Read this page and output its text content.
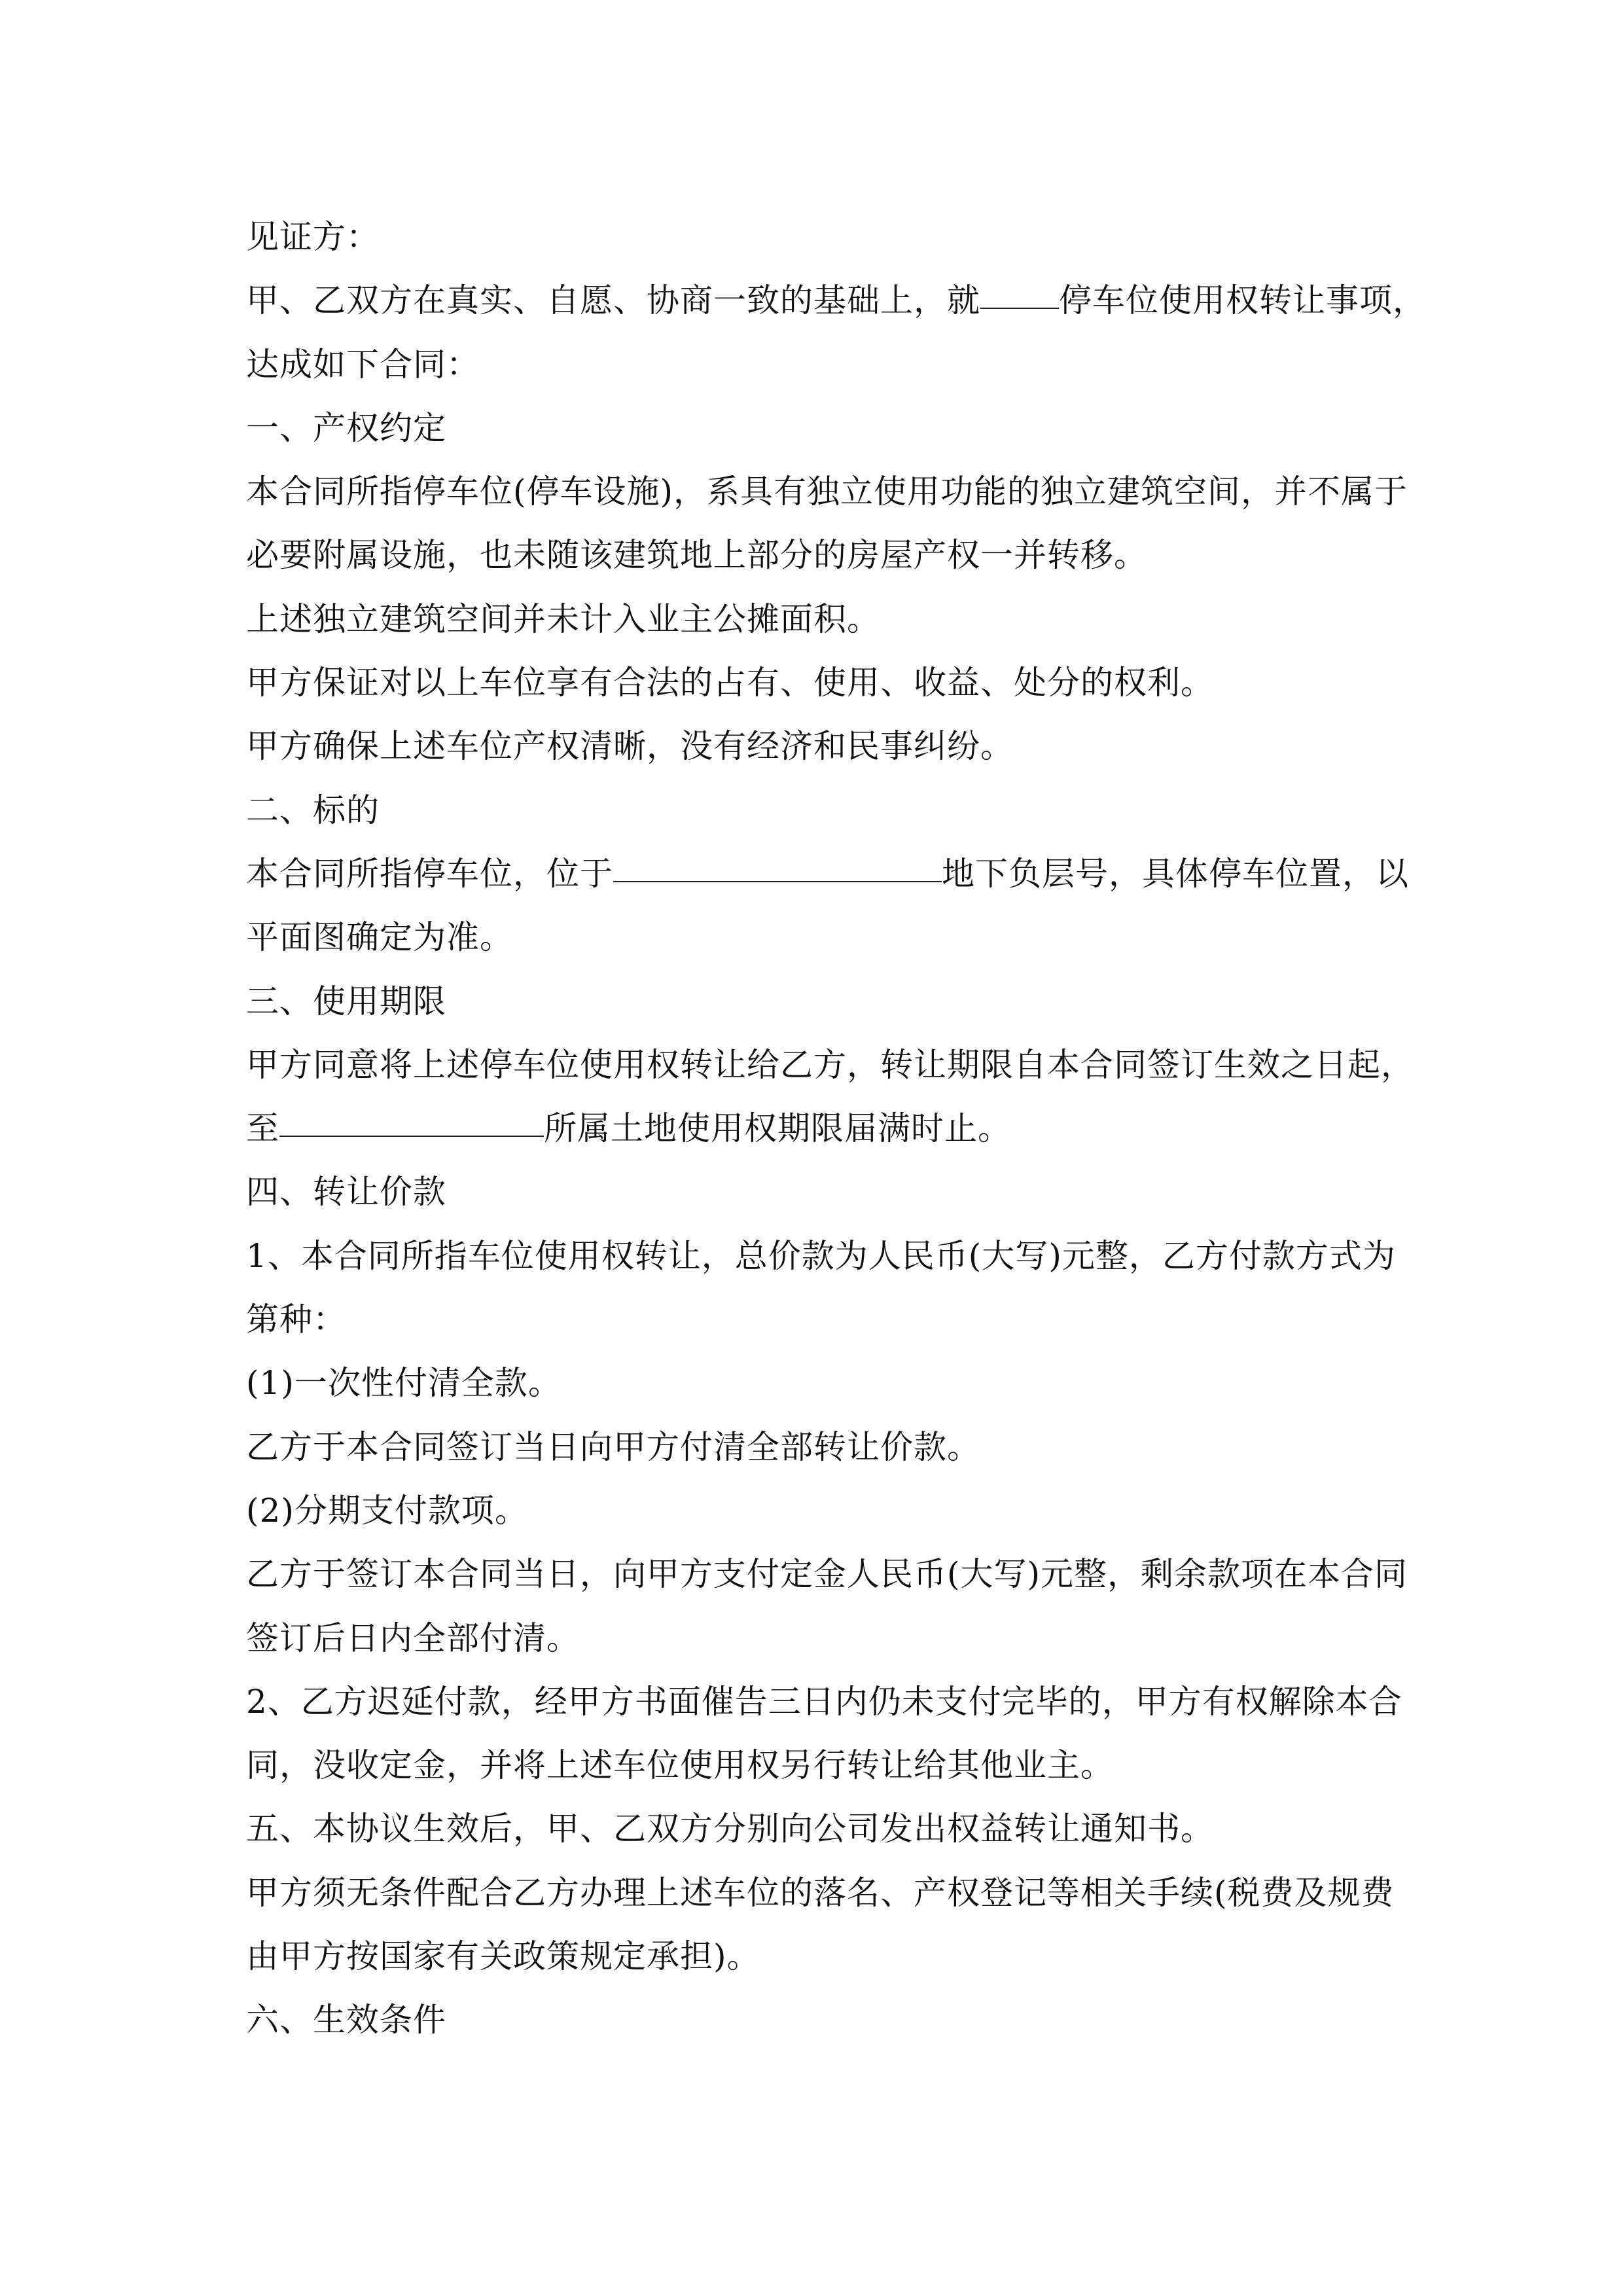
见证方：
甲、乙双方在真实、自愿、协商一致的基础上，就 停车位使用权转让事项，
达成如下合同：
一、产权约定
本合同所指停车位(停车设施)，系具有独立使用功能的独立建筑空间，并不属于
必要附属设施，也未随该建筑地上部分的房屋产权一并转移。
上述独立建筑空间并未计入业主公摊面积。
甲方保证对以上车位享有合法的占有、使用、收益、处分的权利。
甲方确保上述车位产权清晰，没有经济和民事纠纷。
二、标的
本合同所指停车位，位于	地下负层号，具体停车位置，以
平面图确定为准。
三、使用期限
甲方同意将上述停车位使用权转让给乙方，转让期限自本合同签订生效之日起，
至	所属土地使用权期限届满时止。
四、转让价款
1、本合同所指车位使用权转让，总价款为人民币(大写)元整，乙方付款方式为
第种：
(1)一次性付清全款。
乙方于本合同签订当日向甲方付清全部转让价款。
(2)分期支付款项。
乙方于签订本合同当日，向甲方支付定金人民币(大写)元整，剩余款项在本合同
签订后日内全部付清。
2、乙方迟延付款，经甲方书面催告三日内仍未支付完毕的，甲方有权解除本合
同，没收定金，并将上述车位使用权另行转让给其他业主。
五、本协议生效后，甲、乙双方分别向公司发出权益转让通知书。
甲方须无条件配合乙方办理上述车位的落名、产权登记等相关手续(税费及规费
由甲方按国家有关政策规定承担)。
六、生效条件
